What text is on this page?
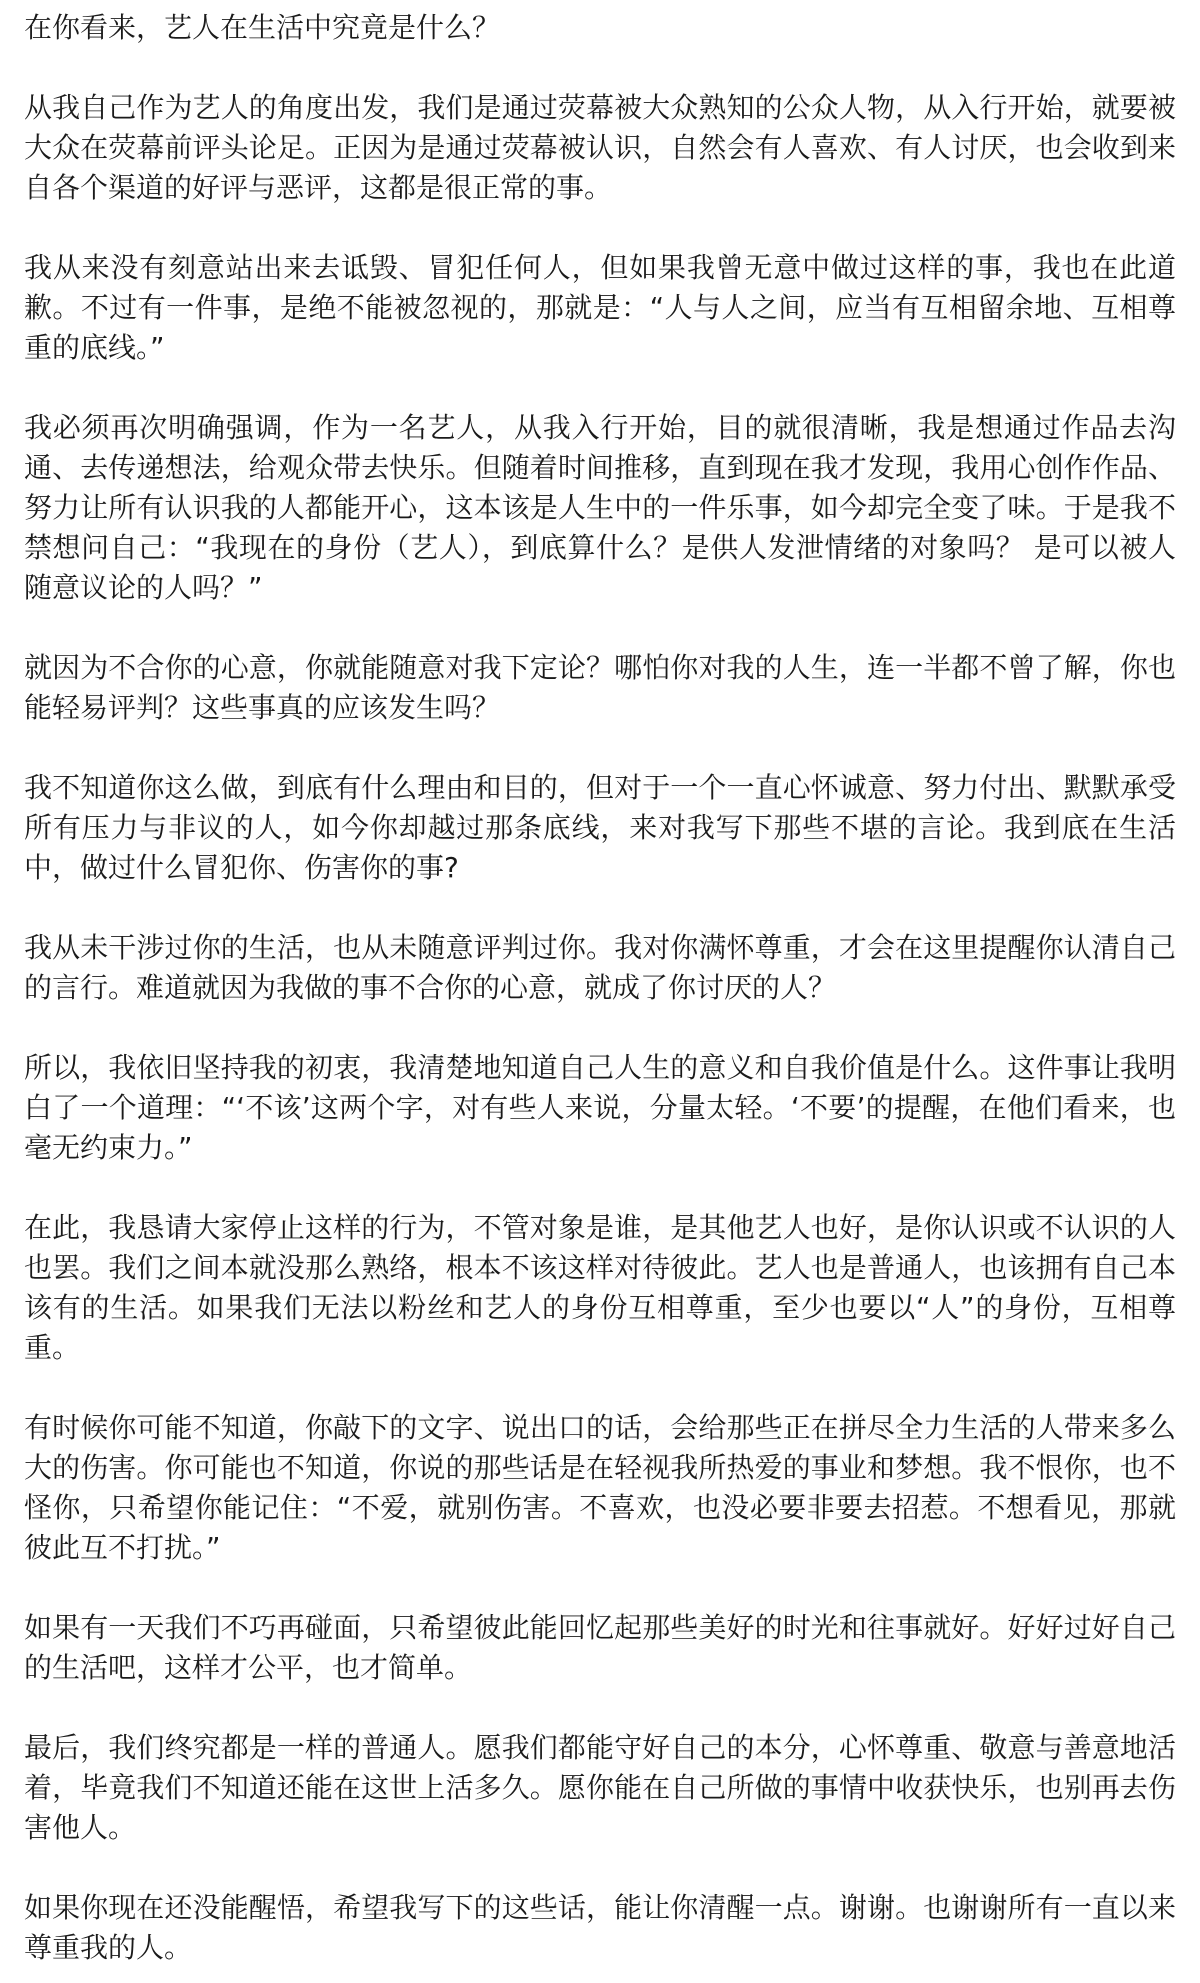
在你看来，艺人在生活中究竟是什么？

从我自己作为艺人的角度出发，我们是通过荧幕被大众熟知的公众人物，从入行开始，就要被大众在荧幕前评头论足。正因为是通过荧幕被认识，自然会有人喜欢、有人讨厌，也会收到来自各个渠道的好评与恶评，这都是很正常的事。

我从来没有刻意站出来去诋毁、冒犯任何人，但如果我曾无意中做过这样的事，我也在此道歉。不过有一件事，是绝不能被忽视的，那就是：“人与人之间，应当有互相留余地、互相尊重的底线。”

我必须再次明确强调，作为一名艺人，从我入行开始，目的就很清晰，我是想通过作品去沟通、去传递想法，给观众带去快乐。但随着时间推移，直到现在我才发现，我用心创作作品、努力让所有认识我的人都能开心，这本该是人生中的一件乐事，如今却完全变了味。于是我不禁想问自己：“我现在的身份（艺人），到底算什么？是供人发泄情绪的对象吗？ 是可以被人随意议论的人吗？”

就因为不合你的心意，你就能随意对我下定论？哪怕你对我的人生，连一半都不曾了解，你也能轻易评判？这些事真的应该发生吗？

我不知道你这么做，到底有什么理由和目的，但对于一个一直心怀诚意、努力付出、默默承受所有压力与非议的人，如今你却越过那条底线，来对我写下那些不堪的言论。我到底在生活中，做过什么冒犯你、伤害你的事?

我从未干涉过你的生活，也从未随意评判过你。我对你满怀尊重，才会在这里提醒你认清自己的言行。难道就因为我做的事不合你的心意，就成了你讨厌的人？

所以，我依旧坚持我的初衷，我清楚地知道自己人生的意义和自我价值是什么。这件事让我明白了一个道理：“‘不该’这两个字，对有些人来说，分量太轻。‘不要’的提醒，在他们看来，也毫无约束力。”

在此，我恳请大家停止这样的行为，不管对象是谁，是其他艺人也好，是你认识或不认识的人也罢。我们之间本就没那么熟络，根本不该这样对待彼此。艺人也是普通人，也该拥有自己本该有的生活。如果我们无法以粉丝和艺人的身份互相尊重，至少也要以“人”的身份，互相尊重。

有时候你可能不知道，你敲下的文字、说出口的话，会给那些正在拼尽全力生活的人带来多么大的伤害。你可能也不知道，你说的那些话是在轻视我所热爱的事业和梦想。我不恨你，也不怪你，只希望你能记住：“不爱，就别伤害。不喜欢，也没必要非要去招惹。不想看见，那就彼此互不打扰。”

如果有一天我们不巧再碰面，只希望彼此能回忆起那些美好的时光和往事就好。好好过好自己的生活吧，这样才公平，也才简单。

最后，我们终究都是一样的普通人。愿我们都能守好自己的本分，心怀尊重、敬意与善意地活着，毕竟我们不知道还能在这世上活多久。愿你能在自己所做的事情中收获快乐，也别再去伤害他人。

如果你现在还没能醒悟，希望我写下的这些话，能让你清醒一点。谢谢。也谢谢所有一直以来尊重我的人。
